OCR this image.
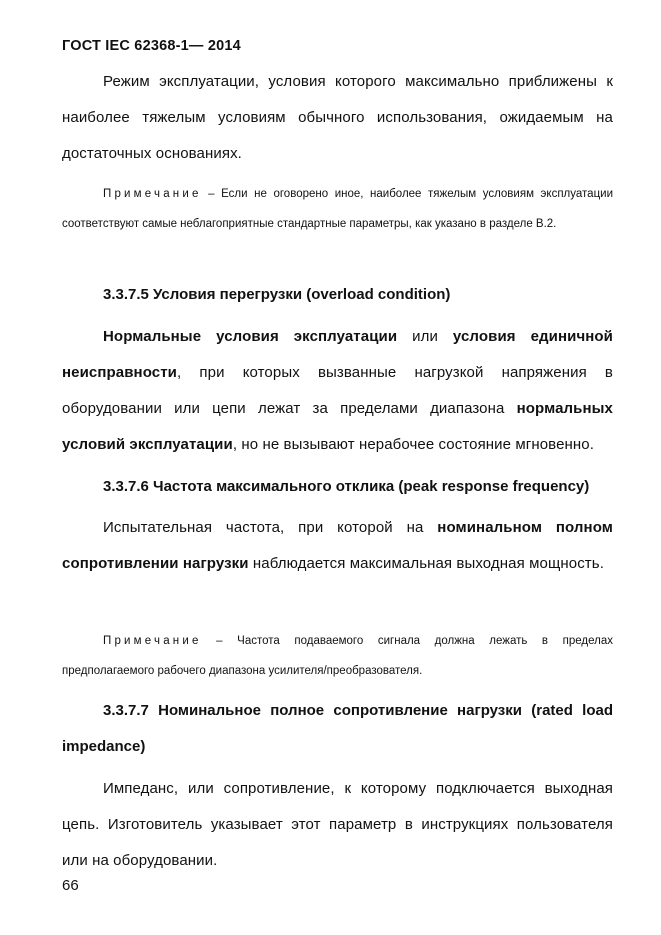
ГОСТ IEC 62368-1— 2014
Режим эксплуатации, условия которого максимально приближены к наиболее тяжелым условиям обычного использования, ожидаемым на достаточных основаниях.
Примечание – Если не оговорено иное, наиболее тяжелым условиям эксплуатации соответствуют самые неблагоприятные стандартные параметры, как указано в разделе В.2.
3.3.7.5 Условия перегрузки (overload condition)
Нормальные условия эксплуатации или условия единичной неисправности, при которых вызванные нагрузкой напряжения в оборудовании или цепи лежат за пределами диапазона нормальных условий эксплуатации, но не вызывают нерабочее состояние мгновенно.
3.3.7.6 Частота максимального отклика (peak response frequency)
Испытательная частота, при которой на номинальном полном сопротивлении нагрузки наблюдается максимальная выходная мощность.
Примечание – Частота подаваемого сигнала должна лежать в пределах предполагаемого рабочего диапазона усилителя/преобразователя.
3.3.7.7 Номинальное полное сопротивление нагрузки (rated load impedance)
Импеданс, или сопротивление, к которому подключается выходная цепь. Изготовитель указывает этот параметр в инструкциях пользователя или на оборудовании.
66
